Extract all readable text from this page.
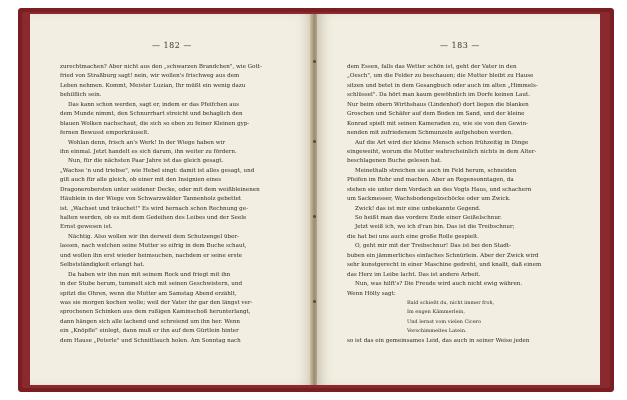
— 182 —
zurechtmachen? Aber nicht aus den „schwarzen Brandchen", wie Gott-
fried von Straßburg sagt! nein, wir wollen's frischweg aus dem
Leben nehmen. Kommt, Meister Luzian, Ihr müßt ein wenig dazu
behilflich sein.
Das kann schon werden, sagt er, indem er das Pfeifchen aus
dem Munde nimmt, den Schnurrbart streicht und behaglich den
blauen Wolken nachschaut, die sich so eben zu feiner Kleinen gyp-
fernen Bewusst emporkräuselt.
Wohlan denn, frisch an's Werk! In der Wiege haben wir
ihn einmal. Jetzt handelt es sich darum, ihn weiter zu fördern.
Nun, für die nächsten Paar Jahre ist das gleich gesagt.
„Wachse 'n und triebse", wie Hebel singt: damit ist alles gesagt, und
gilt auch für alle gleich, ob einer mit den Insignien eines
Dragonerobersten unter seidener Decke, oder mit dem weißbleinenen
Häublein in der Wiege von Schwarzwälder Tannenholz gebettet
ist. „Wachset und träuchet!" Es wird hernach schon Rechnung ge-
halten werden, ob es mit dem Gedeihen des Leibes und der Seele
Ernst gewesen ist.
Nächtig. Also wollen wir ihn derweil dem Schutzengel über-
lassen, nach welchen seine Mutter so eifrig in dem Buche schaut,
und wollen ihn erst wieder heimsuchen, nachdem er seine erste
Selbstständigkeit erlangt hat.
Da haben wir ihn nun mit seinem Rock und friegt mit ihn
in der Stube herum, tummelt sich mit seinen Geschwistern, und
spitzt die Ohren, wenn die Mutter am Samstag Abend erzählt,
was sie morgen kochen wolle; weil der Vater ihr gar den längst ver-
sprochenen Schinken aus dem rußigen Kaminschoß herunterlangt,
dann hängen sich alle lachend und schreiend um ihn her. Wenn
ein „Knöpfle" einlegt, dann muß er ihn auf dem Gürtlein hinter
dem Hause „Peterle" und Schnittlauch holen. Am Sonntag nach
— 183 —
dem Essen, falls das Wetter schön ist, geht der Vater in den
„Oesch", um die Felder zu beschauen; die Mutter bleibt zu Hause
sitzen und betet in dem Gesangbuch oder auch im alten „Himmels-
schlüssel". Da hört man kaum gewöhnlich im Dorfe keinen Laut.
Nur beim obern Wirthshaus (Lindenhof) dort liegen die blanken
Groschen und Schäfer auf dem Boden im Sand, und der kleine
Konrad spielt mit seinen Kameraden zu, wie sie von den Gewin-
nenden mit zufriedenem Schmunzeln aufgehoben werden.
Auf die Art wird der kleine Mensch schon frühzeitig in Dinge
eingeweiht, worum die Mutter wahrscheinlich nichts in dem Alter-
beschlagenen Buche gelesen hat.
Meinethalb streichen sie auch im Feld herum, schneiden
Pfeifen im Rohr und machen. Aber an Regensonntagen, da
stehen sie unter dem Vordach an des Vogts Haus, und schachern
um Sackmesser, Wachsbodengelzschöcke oder um Zwick.
Zwick! das ist mir eine unbekannte Gegend.
So heißt man das vordere Ende einer Geißelschnur.
Jetzt weiß ich, wo ich d'ran bin. Das ist die Treibschnur;
die hat bei uns auch eine große Rolle gespielt.
O, geht mir mit der Treibschnur! Das ist bei den Stadt-
buben ein jämmerliches einfaches Schnürlein. Aber der Zwick wird
sehr kunstgerecht in einer Maschine gedreht, und knallt, daß einem
das Herz im Leibe lacht. Das ist andere Arbeit.
Nun, was hilft's? Die Freude wird auch nicht ewig währen.
Wenn Hölty sagt:
Bald schießt du, nicht immer froh,
Im engen Kämmerlein,
Und lernst vom vielen Cicero
Verschimmeltes Latein.
so ist das ein gemeinsames Leid, das auch in seiner Weise jeden
